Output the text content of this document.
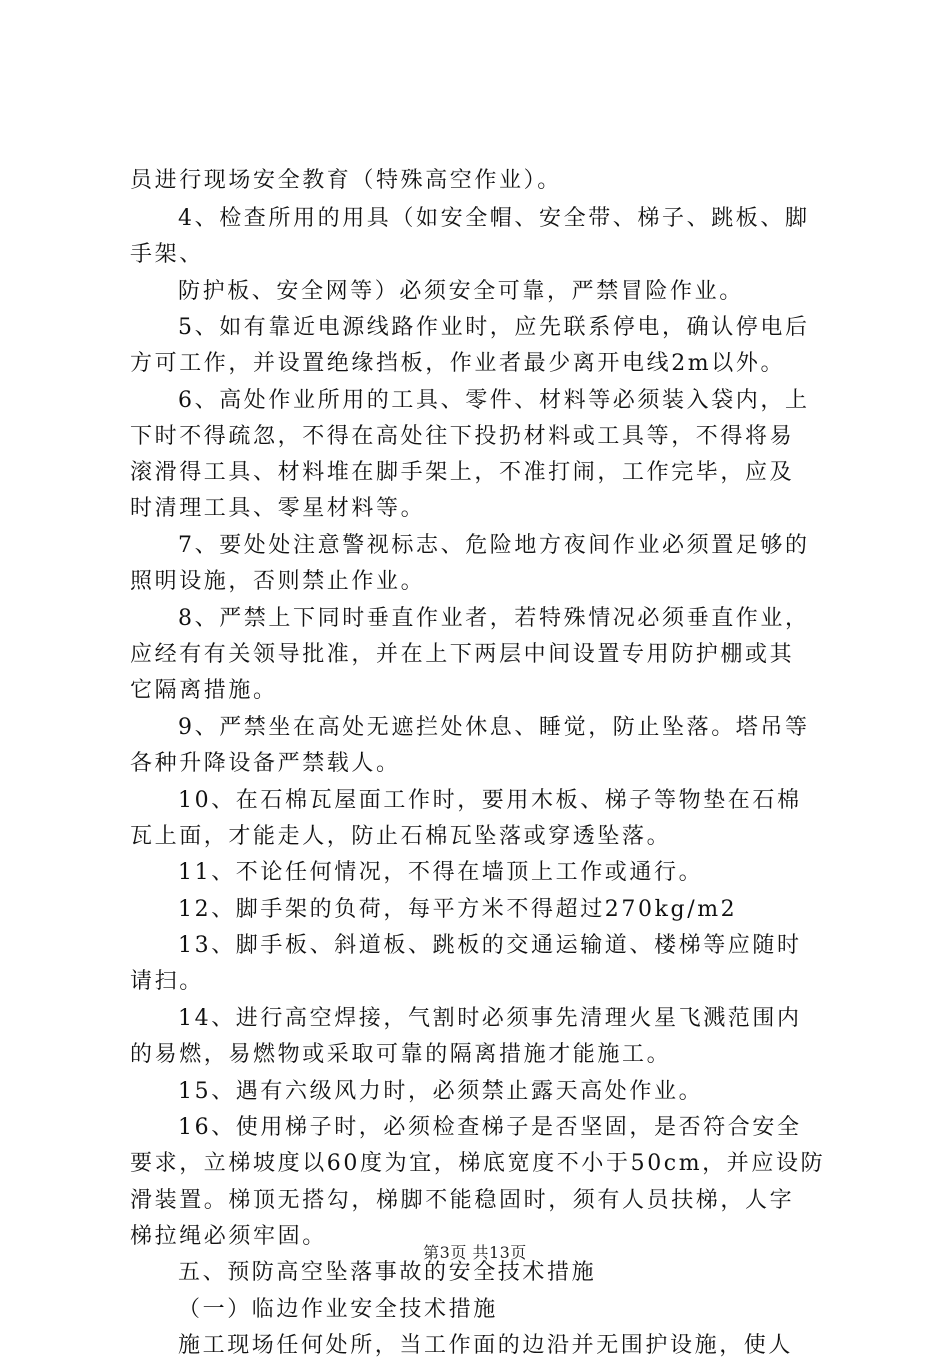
员进行现场安全教育（特殊高空作业）。
4、检查所用的用具（如安全帽、安全带、梯子、跳板、脚
手架、
防护板、安全网等）必须安全可靠，严禁冒险作业。
5、如有靠近电源线路作业时，应先联系停电，确认停电后
方可工作，并设置绝缘挡板，作业者最少离开电线2m以外。
6、高处作业所用的工具、零件、材料等必须装入袋内，上
下时不得疏忽，不得在高处往下投扔材料或工具等，不得将易
滚滑得工具、材料堆在脚手架上，不准打闹，工作完毕，应及
时清理工具、零星材料等。
7、要处处注意警视标志、危险地方夜间作业必须置足够的
照明设施，否则禁止作业。
8、严禁上下同时垂直作业者，若特殊情况必须垂直作业，
应经有有关领导批准，并在上下两层中间设置专用防护棚或其
它隔离措施。
9、严禁坐在高处无遮拦处休息、睡觉，防止坠落。塔吊等
各种升降设备严禁载人。
10、在石棉瓦屋面工作时，要用木板、梯子等物垫在石棉
瓦上面，才能走人，防止石棉瓦坠落或穿透坠落。
11、不论任何情况，不得在墙顶上工作或通行。
12、脚手架的负荷，每平方米不得超过270kg/m2
13、脚手板、斜道板、跳板的交通运输道、楼梯等应随时
请扫。
14、进行高空焊接，气割时必须事先清理火星飞溅范围内
的易燃，易燃物或采取可靠的隔离措施才能施工。
15、遇有六级风力时，必须禁止露天高处作业。
16、使用梯子时，必须检查梯子是否坚固，是否符合安全
要求，立梯坡度以60度为宜，梯底宽度不小于50cm，并应设防
滑装置。梯顶无搭勾，梯脚不能稳固时，须有人员扶梯，人字
梯拉绳必须牢固。
五、预防高空坠落事故的安全技术措施
（一）临边作业安全技术措施
施工现场任何处所，当工作面的边沿并无围护设施，使人
第3页 共13页
